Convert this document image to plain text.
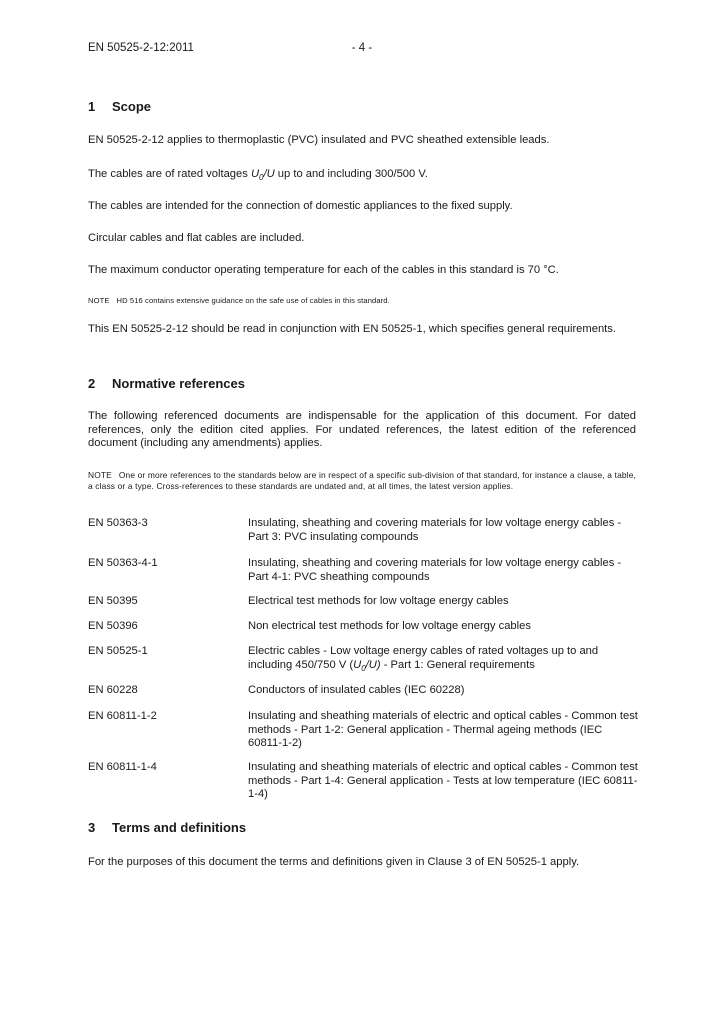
EN 50525-2-12:2011	- 4 -
1 Scope

EN 50525-2-12 applies to thermoplastic (PVC) insulated and PVC sheathed extensible leads.

The cables are of rated voltages $U_0/U$ up to and including 300/500 V.

The cables are intended for the connection of domestic appliances to the fixed supply.

Circular cables and flat cables are included.

The maximum conductor operating temperature for each of the cables in this standard is 70 °C.

NOTE HD 516 contains extensive guidance on the safe use of cables in this standard.

This EN 50525-2-12 should be read in conjunction with EN 50525-1, which specifies general requirements.

2 Normative references

The following referenced documents are indispensable for the application of this document. For dated references, only the edition cited applies. For undated references, the latest edition of the referenced document (including any amendments) applies.

NOTE One or more references to the standards below are in respect of a specific sub-division of that standard, for instance a clause, a table, a class or a type. Cross-references to these standards are undated and, at all times, the latest version applies.
EN 50363-3	Insulating, sheathing and covering materials for low voltage energy cables - Part 3: PVC insulating compounds
EN 50363-4-1	Insulating, sheathing and covering materials for low voltage energy cables - Part 4-1: PVC sheathing compounds
EN 50395	Electrical test methods for low voltage energy cables
EN 50396	Non electrical test methods for low voltage energy cables
EN 50525-1	Electric cables - Low voltage energy cables of rated voltages up to and including 450/750 V $(U_0/U)$ - Part 1: General requirements
EN 60228	Conductors of insulated cables (IEC 60228)
EN 60811-1-2	Insulating and sheathing materials of electric and optical cables - Common test methods - Part 1-2: General application - Thermal ageing methods (IEC 60811-1-2)
EN 60811-1-4	Insulating and sheathing materials of electric and optical cables - Common test methods - Part 1-4: General application - Tests at low temperature (IEC 60811-1-4)
3 Terms and definitions

For the purposes of this document the terms and definitions given in Clause 3 of EN 50525-1 apply.
